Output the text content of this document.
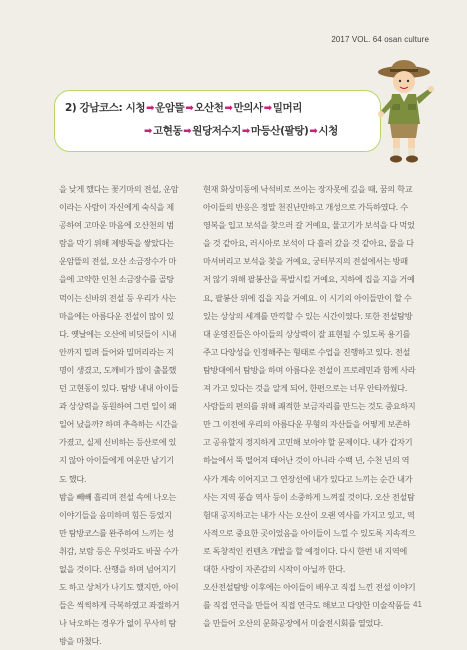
2017 VOL. 64 osan culture
2) 강남코스: 시청➡운암뜰➡오산천➡만의사➡밀머리
➡고현동➡원당저수지➡마등산(팔탕)➡시청

을 낮게 했다는 꽃기마의 전설, 운암

이라는 사람이 자신에게 숙식을 제

공하여 고마운 마음에 오산천의 범

람을 막기 위해 제방둑을 쌓았다는

운암뜰의 전설, 오산 소금장수가 마

을에 고약한 인천 소금장수를 골탕

먹이는 신바위 전설 등 우리가 사는

마을에는 아름다운 전설이 많이 있

다. 옛날에는 오산에 비딧들이 시내

안까지 밀려 들어와 밀머리라는 지

명이 생겼고, 도깨비가 많이 출몰했

던 고현동이 있다. 탐방 내내 아이들

과 상상력을 동원하여 그런 일이 왜

일어 났을까? 하며 추측하는 시간을

가졌고, 실제 신비하는 등산로에 있

지 않아 아이들에게 여운만 남기기

도 했다.

밤을 빼빼 흘리며 전설 속에 나오는

이야기들을 음미하며 힘든 등었지

만 탐방코스를 완주하여 느끼는 성

취감, 보람 등은 무엇과도 바꿀 수가

없을 것이다. 산행을 하며 넘어지기

도 하고 상처가 나기도 했지만, 아이

들은 씩씩하게 극복하였고 좌절하거

나 낙오하는 경우가 없이 무사히 탐

방을 마쳤다.

현재 화상미동에 낙석비로 쓰이는 장자못에 깊을 때, 꿈의 학교

아이들의 반응은 정말 천진난만하고 개성으로 가득하였다. 수

영복을 입고 보석을 찾으러 갈 거예요, 물고기가 보석을 다 먹었

을 것 같아요, 러시아로 보석이 다 흘러 갔을 것 같아요, 물을 다

마셔버리고 보석을 찾을 거예요, 궁터부지의 전설에서는 방패

저 않기 위해 팔봉산을 폭발시킬 거예요, 지하에 집을 지을 거예

요, 팔봉산 위에 집을 지을 거예요. 이 시기의 아이들만이 할 수

있는 상상의 세계를 만끽할 수 있는 시간이였다. 또한 전설탐방

대 운영진들은 아이들의 상상력이 잘 표현될 수 있도록 용기를

주고 다양성을 인정해주는 형태로 수업을 진행하고 있다. 전설

탐방대에서 탐방을 하며 아름다운 전설이 프로레민과 함께 사라

져 가고 있다는 것을 알게 되어, 한편으로는 너무 안타까웠다.

사람들의 편의를 위해 쾌적한 보금자리를 만드는 것도 중요하지

만 그 이전에 우리의 아름다운 무형의 자산들을 어떻게 보존하

고 공유할지 정지하게 고민해 보아야 할 문제이다. 내가 갑자기

하늘에서 뚝 떨어져 태어난 것이 아니라 수백 년, 수천 년의 역

사가 계속 이어지고 그 연장선에 내가 있다고 느끼는 순간 내가

사는 지역 풍습 역사 등이 소중하게 느껴질 것이다. 오산 전설탐

험대 공지하고는 내가 사는 오산이 오랜 역사를 가지고 있고, 역

사적으로 중요한 곳이었음을 아이들이 느낄 수 있도록 지속적으

로 독창적인 컨텐츠 개발을 할 예정이다. 다시 한번 내 지역에

대한 사랑이 자존감의 시작이 아닐까 한다.

오산전설탐방 이후에는 아이들이 배우고 직접 느낀 전설 이야기

를 직접 연극을 만들어 직접 연극도 해보고 다양한 미술작품들

을 만들어 오산의 문화공장에서 미술전시회를 열었다.

41
